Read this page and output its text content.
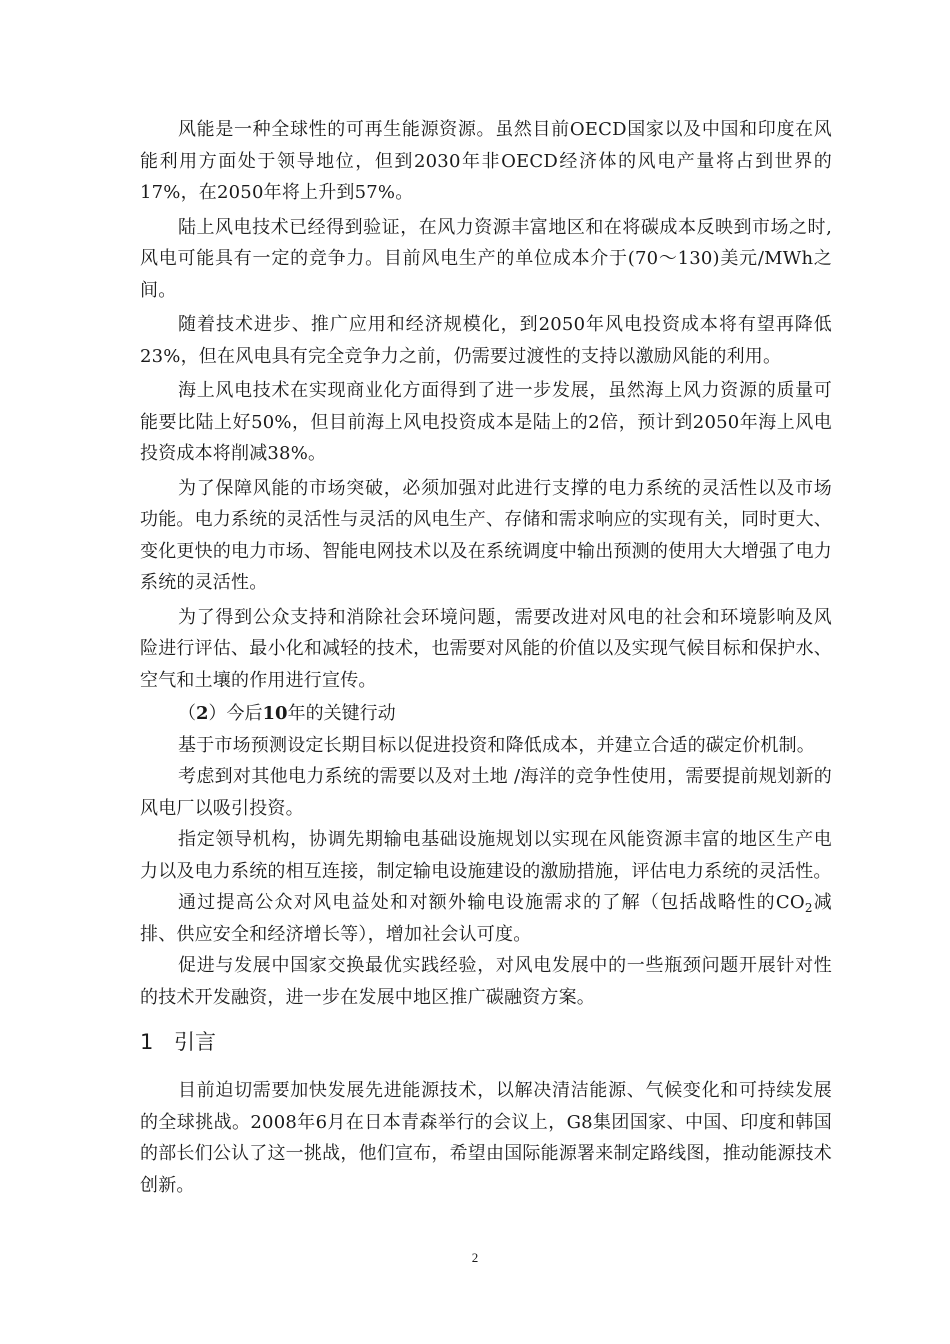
风能是一种全球性的可再生能源资源。虽然目前OECD国家以及中国和印度在风能利用方面处于领导地位，但到2030年非OECD经济体的风电产量将占到世界的17%，在2050年将上升到57%。

陆上风电技术已经得到验证，在风力资源丰富地区和在将碳成本反映到市场之时,风电可能具有一定的竞争力。目前风电生产的单位成本介于(70～130)美元/MWh之间。

随着技术进步、推广应用和经济规模化，到2050年风电投资成本将有望再降低23%，但在风电具有完全竞争力之前，仍需要过渡性的支持以激励风能的利用。

海上风电技术在实现商业化方面得到了进一步发展，虽然海上风力资源的质量可能要比陆上好50%，但目前海上风电投资成本是陆上的2倍，预计到2050年海上风电投资成本将削减38%。

为了保障风能的市场突破，必须加强对此进行支撑的电力系统的灵活性以及市场功能。电力系统的灵活性与灵活的风电生产、存储和需求响应的实现有关，同时更大、变化更快的电力市场、智能电网技术以及在系统调度中输出预测的使用大大增强了电力系统的灵活性。

为了得到公众支持和消除社会环境问题，需要改进对风电的社会和环境影响及风险进行评估、最小化和减轻的技术，也需要对风能的价值以及实现气候目标和保护水、空气和土壤的作用进行宣传。

（2）今后10年的关键行动

基于市场预测设定长期目标以促进投资和降低成本，并建立合适的碳定价机制。

考虑到对其他电力系统的需要以及对土地 /海洋的竞争性使用，需要提前规划新的风电厂以吸引投资。

指定领导机构，协调先期输电基础设施规划以实现在风能资源丰富的地区生产电力以及电力系统的相互连接，制定输电设施建设的激励措施，评估电力系统的灵活性。

通过提高公众对风电益处和对额外输电设施需求的了解（包括战略性的$CO_2$减排、供应安全和经济增长等），增加社会认可度。

促进与发展中国家交换最优实践经验，对风电发展中的一些瓶颈问题开展针对性的技术开发融资，进一步在发展中地区推广碳融资方案。

1 引言

目前迫切需要加快发展先进能源技术，以解决清洁能源、气候变化和可持续发展的全球挑战。2008年6月在日本青森举行的会议上，G8集团国家、中国、印度和韩国的部长们公认了这一挑战，他们宣布，希望由国际能源署来制定路线图，推动能源技术创新。

2
